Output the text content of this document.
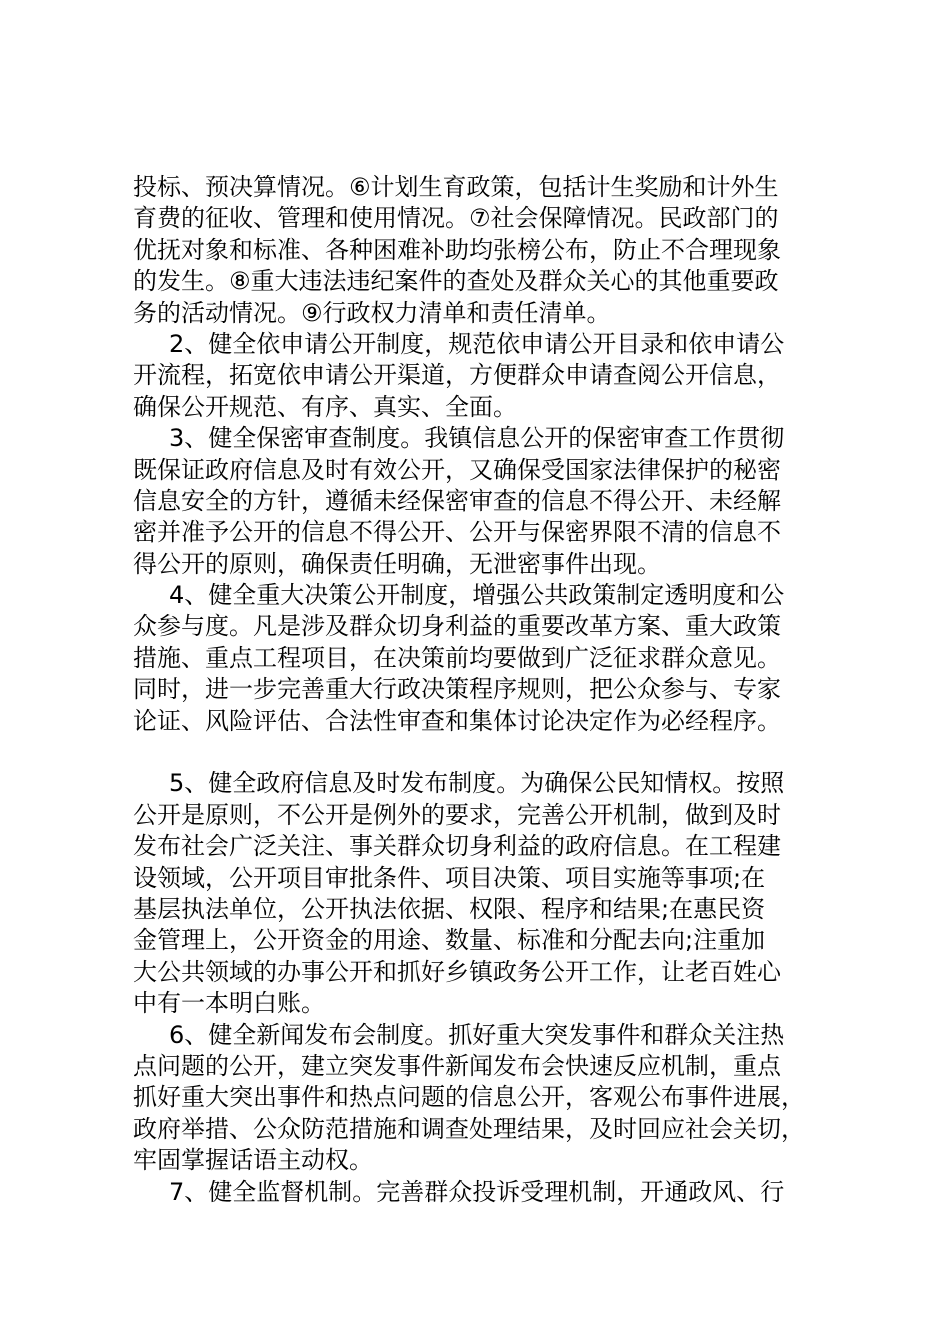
投标、预决算情况。⑥计划生育政策，包括计生奖励和计外生
育费的征收、管理和使用情况。⑦社会保障情况。民政部门的
优抚对象和标准、各种困难补助均张榜公布，防止不合理现象
的发生。⑧重大违法违纪案件的查处及群众关心的其他重要政
务的活动情况。⑨行政权力清单和责任清单。
2、健全依申请公开制度，规范依申请公开目录和依申请公
开流程，拓宽依申请公开渠道，方便群众申请查阅公开信息，
确保公开规范、有序、真实、全面。
3、健全保密审查制度。我镇信息公开的保密审查工作贯彻
既保证政府信息及时有效公开，又确保受国家法律保护的秘密
信息安全的方针，遵循未经保密审查的信息不得公开、未经解
密并准予公开的信息不得公开、公开与保密界限不清的信息不
得公开的原则，确保责任明确，无泄密事件出现。
4、健全重大决策公开制度，增强公共政策制定透明度和公
众参与度。凡是涉及群众切身利益的重要改革方案、重大政策
措施、重点工程项目，在决策前均要做到广泛征求群众意见。
同时，进一步完善重大行政决策程序规则，把公众参与、专家
论证、风险评估、合法性审查和集体讨论决定作为必经程序。
5、健全政府信息及时发布制度。为确保公民知情权。按照
公开是原则，不公开是例外的要求，完善公开机制，做到及时
发布社会广泛关注、事关群众切身利益的政府信息。在工程建
设领域，公开项目审批条件、项目决策、项目实施等事项;在
基层执法单位，公开执法依据、权限、程序和结果;在惠民资
金管理上，公开资金的用途、数量、标准和分配去向;注重加
大公共领域的办事公开和抓好乡镇政务公开工作，让老百姓心
中有一本明白账。
6、健全新闻发布会制度。抓好重大突发事件和群众关注热
点问题的公开，建立突发事件新闻发布会快速反应机制，重点
抓好重大突出事件和热点问题的信息公开，客观公布事件进展，
政府举措、公众防范措施和调查处理结果，及时回应社会关切，
牢固掌握话语主动权。
7、健全监督机制。完善群众投诉受理机制，开通政风、行
